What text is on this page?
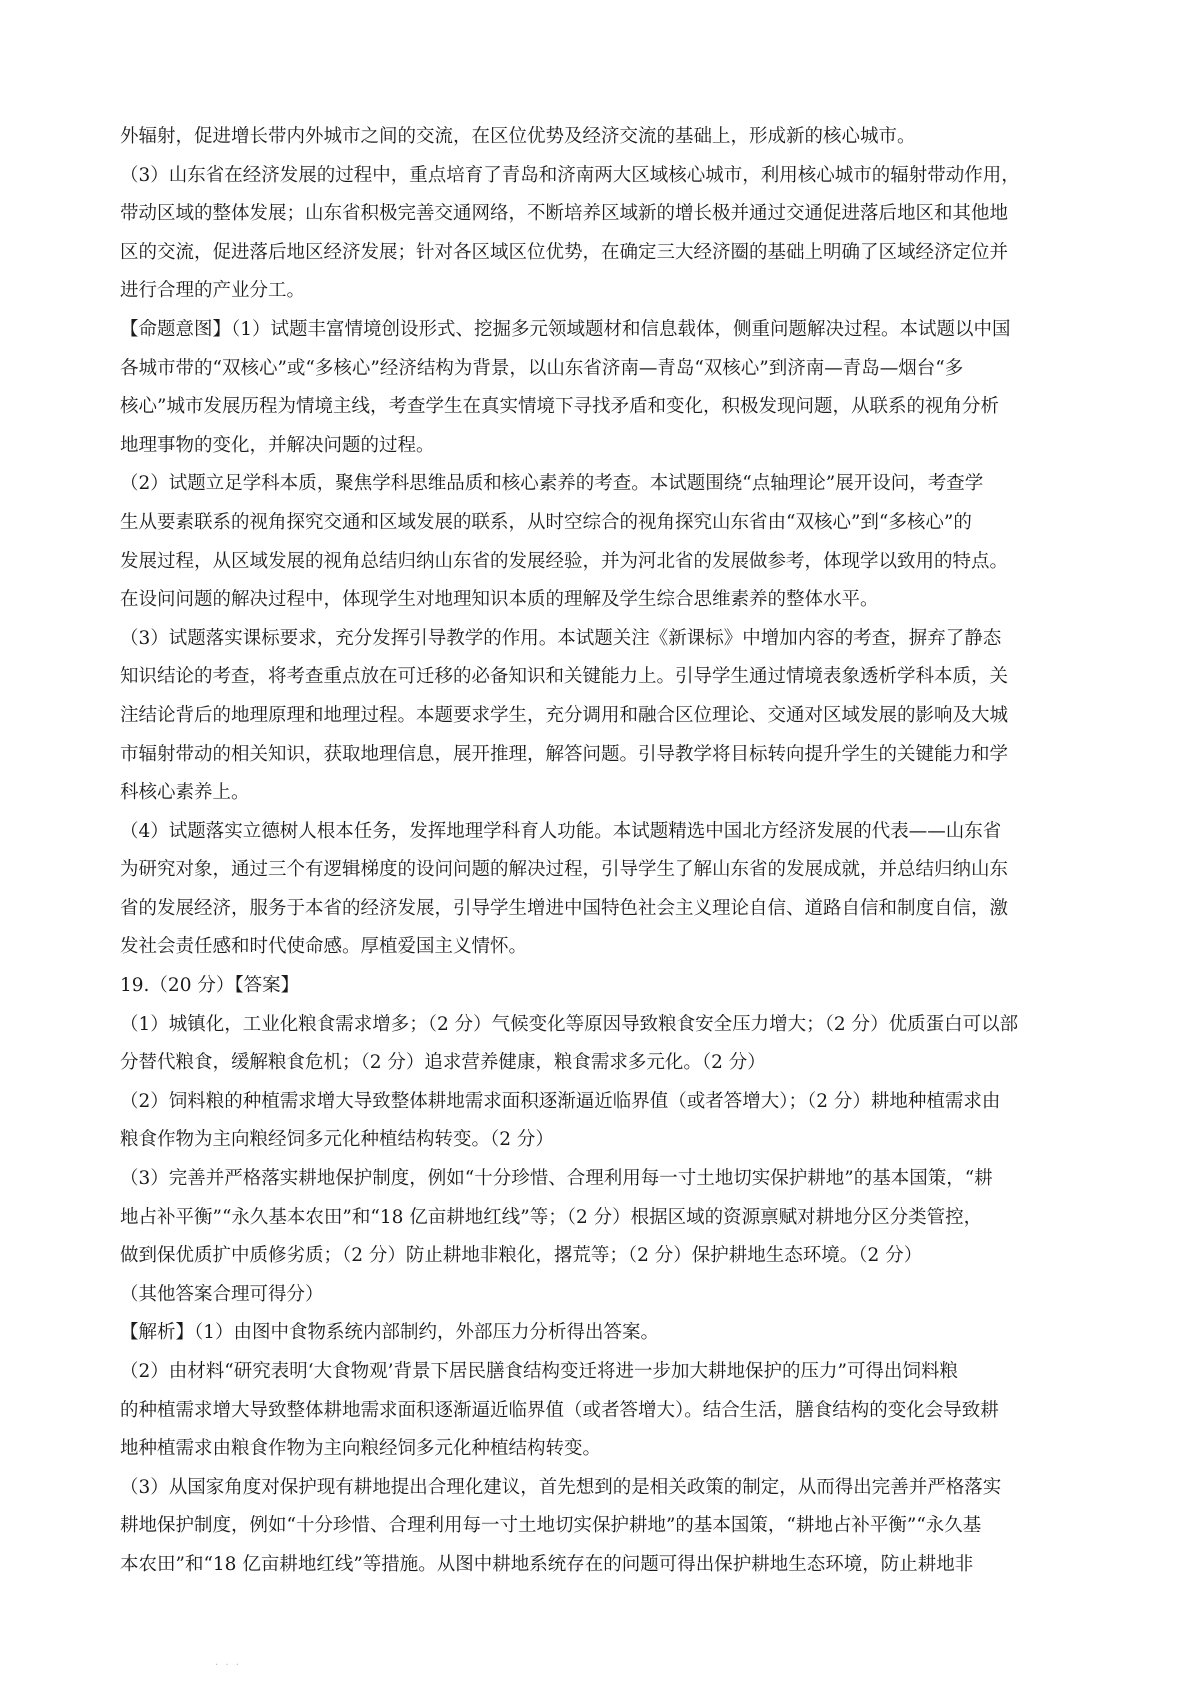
外辐射，促进增长带内外城市之间的交流，在区位优势及经济交流的基础上，形成新的核心城市。
（3）山东省在经济发展的过程中，重点培育了青岛和济南两大区域核心城市，利用核心城市的辐射带动作用，
带动区域的整体发展；山东省积极完善交通网络，不断培养区域新的增长极并通过交通促进落后地区和其他地
区的交流，促进落后地区经济发展；针对各区域区位优势，在确定三大经济圈的基础上明确了区域经济定位并
进行合理的产业分工。
【命题意图】（1）试题丰富情境创设形式、挖掘多元领域题材和信息载体，侧重问题解决过程。本试题以中国
各城市带的“双核心”或“多核心”经济结构为背景，以山东省济南—青岛“双核心”到济南—青岛—烟台“多
核心”城市发展历程为情境主线，考查学生在真实情境下寻找矛盾和变化，积极发现问题，从联系的视角分析
地理事物的变化，并解决问题的过程。
（2）试题立足学科本质，聚焦学科思维品质和核心素养的考查。本试题围绕“点轴理论”展开设问，考查学
生从要素联系的视角探究交通和区域发展的联系，从时空综合的视角探究山东省由“双核心”到“多核心”的
发展过程，从区域发展的视角总结归纳山东省的发展经验，并为河北省的发展做参考，体现学以致用的特点。
在设问问题的解决过程中，体现学生对地理知识本质的理解及学生综合思维素养的整体水平。
（3）试题落实课标要求，充分发挥引导教学的作用。本试题关注《新课标》中增加内容的考查，摒弃了静态
知识结论的考查，将考查重点放在可迁移的必备知识和关键能力上。引导学生通过情境表象透析学科本质，关
注结论背后的地理原理和地理过程。本题要求学生，充分调用和融合区位理论、交通对区域发展的影响及大城
市辐射带动的相关知识，获取地理信息，展开推理，解答问题。引导教学将目标转向提升学生的关键能力和学
科核心素养上。
（4）试题落实立德树人根本任务，发挥地理学科育人功能。本试题精选中国北方经济发展的代表——山东省
为研究对象，通过三个有逻辑梯度的设问问题的解决过程，引导学生了解山东省的发展成就，并总结归纳山东
省的发展经济，服务于本省的经济发展，引导学生增进中国特色社会主义理论自信、道路自信和制度自信，激
发社会责任感和时代使命感。厚植爱国主义情怀。
19.（20 分）【答案】
（1）城镇化，工业化粮食需求增多；（2 分）气候变化等原因导致粮食安全压力增大；（2 分）优质蛋白可以部
分替代粮食，缓解粮食危机；（2 分）追求营养健康，粮食需求多元化。（2 分）
（2）饲料粮的种植需求增大导致整体耕地需求面积逐渐逼近临界值（或者答增大）；（2 分）耕地种植需求由
粮食作物为主向粮经饲多元化种植结构转变。（2 分）
（3）完善并严格落实耕地保护制度，例如“十分珍惜、合理利用每一寸土地切实保护耕地”的基本国策，“耕
地占补平衡”“永久基本农田”和“18 亿亩耕地红线”等；（2 分）根据区域的资源禀赋对耕地分区分类管控，
做到保优质扩中质修劣质；（2 分）防止耕地非粮化，撂荒等；（2 分）保护耕地生态环境。（2 分）
（其他答案合理可得分）
【解析】（1）由图中食物系统内部制约，外部压力分析得出答案。
（2）由材料“研究表明‘大食物观’背景下居民膳食结构变迁将进一步加大耕地保护的压力”可得出饲料粮
的种植需求增大导致整体耕地需求面积逐渐逼近临界值（或者答增大）。结合生活，膳食结构的变化会导致耕
地种植需求由粮食作物为主向粮经饲多元化种植结构转变。
（3）从国家角度对保护现有耕地提出合理化建议，首先想到的是相关政策的制定，从而得出完善并严格落实
耕地保护制度，例如“十分珍惜、合理利用每一寸土地切实保护耕地”的基本国策，“耕地占补平衡”“永久基
本农田”和“18 亿亩耕地红线”等措施。从图中耕地系统存在的问题可得出保护耕地生态环境，防止耕地非
· · ·
